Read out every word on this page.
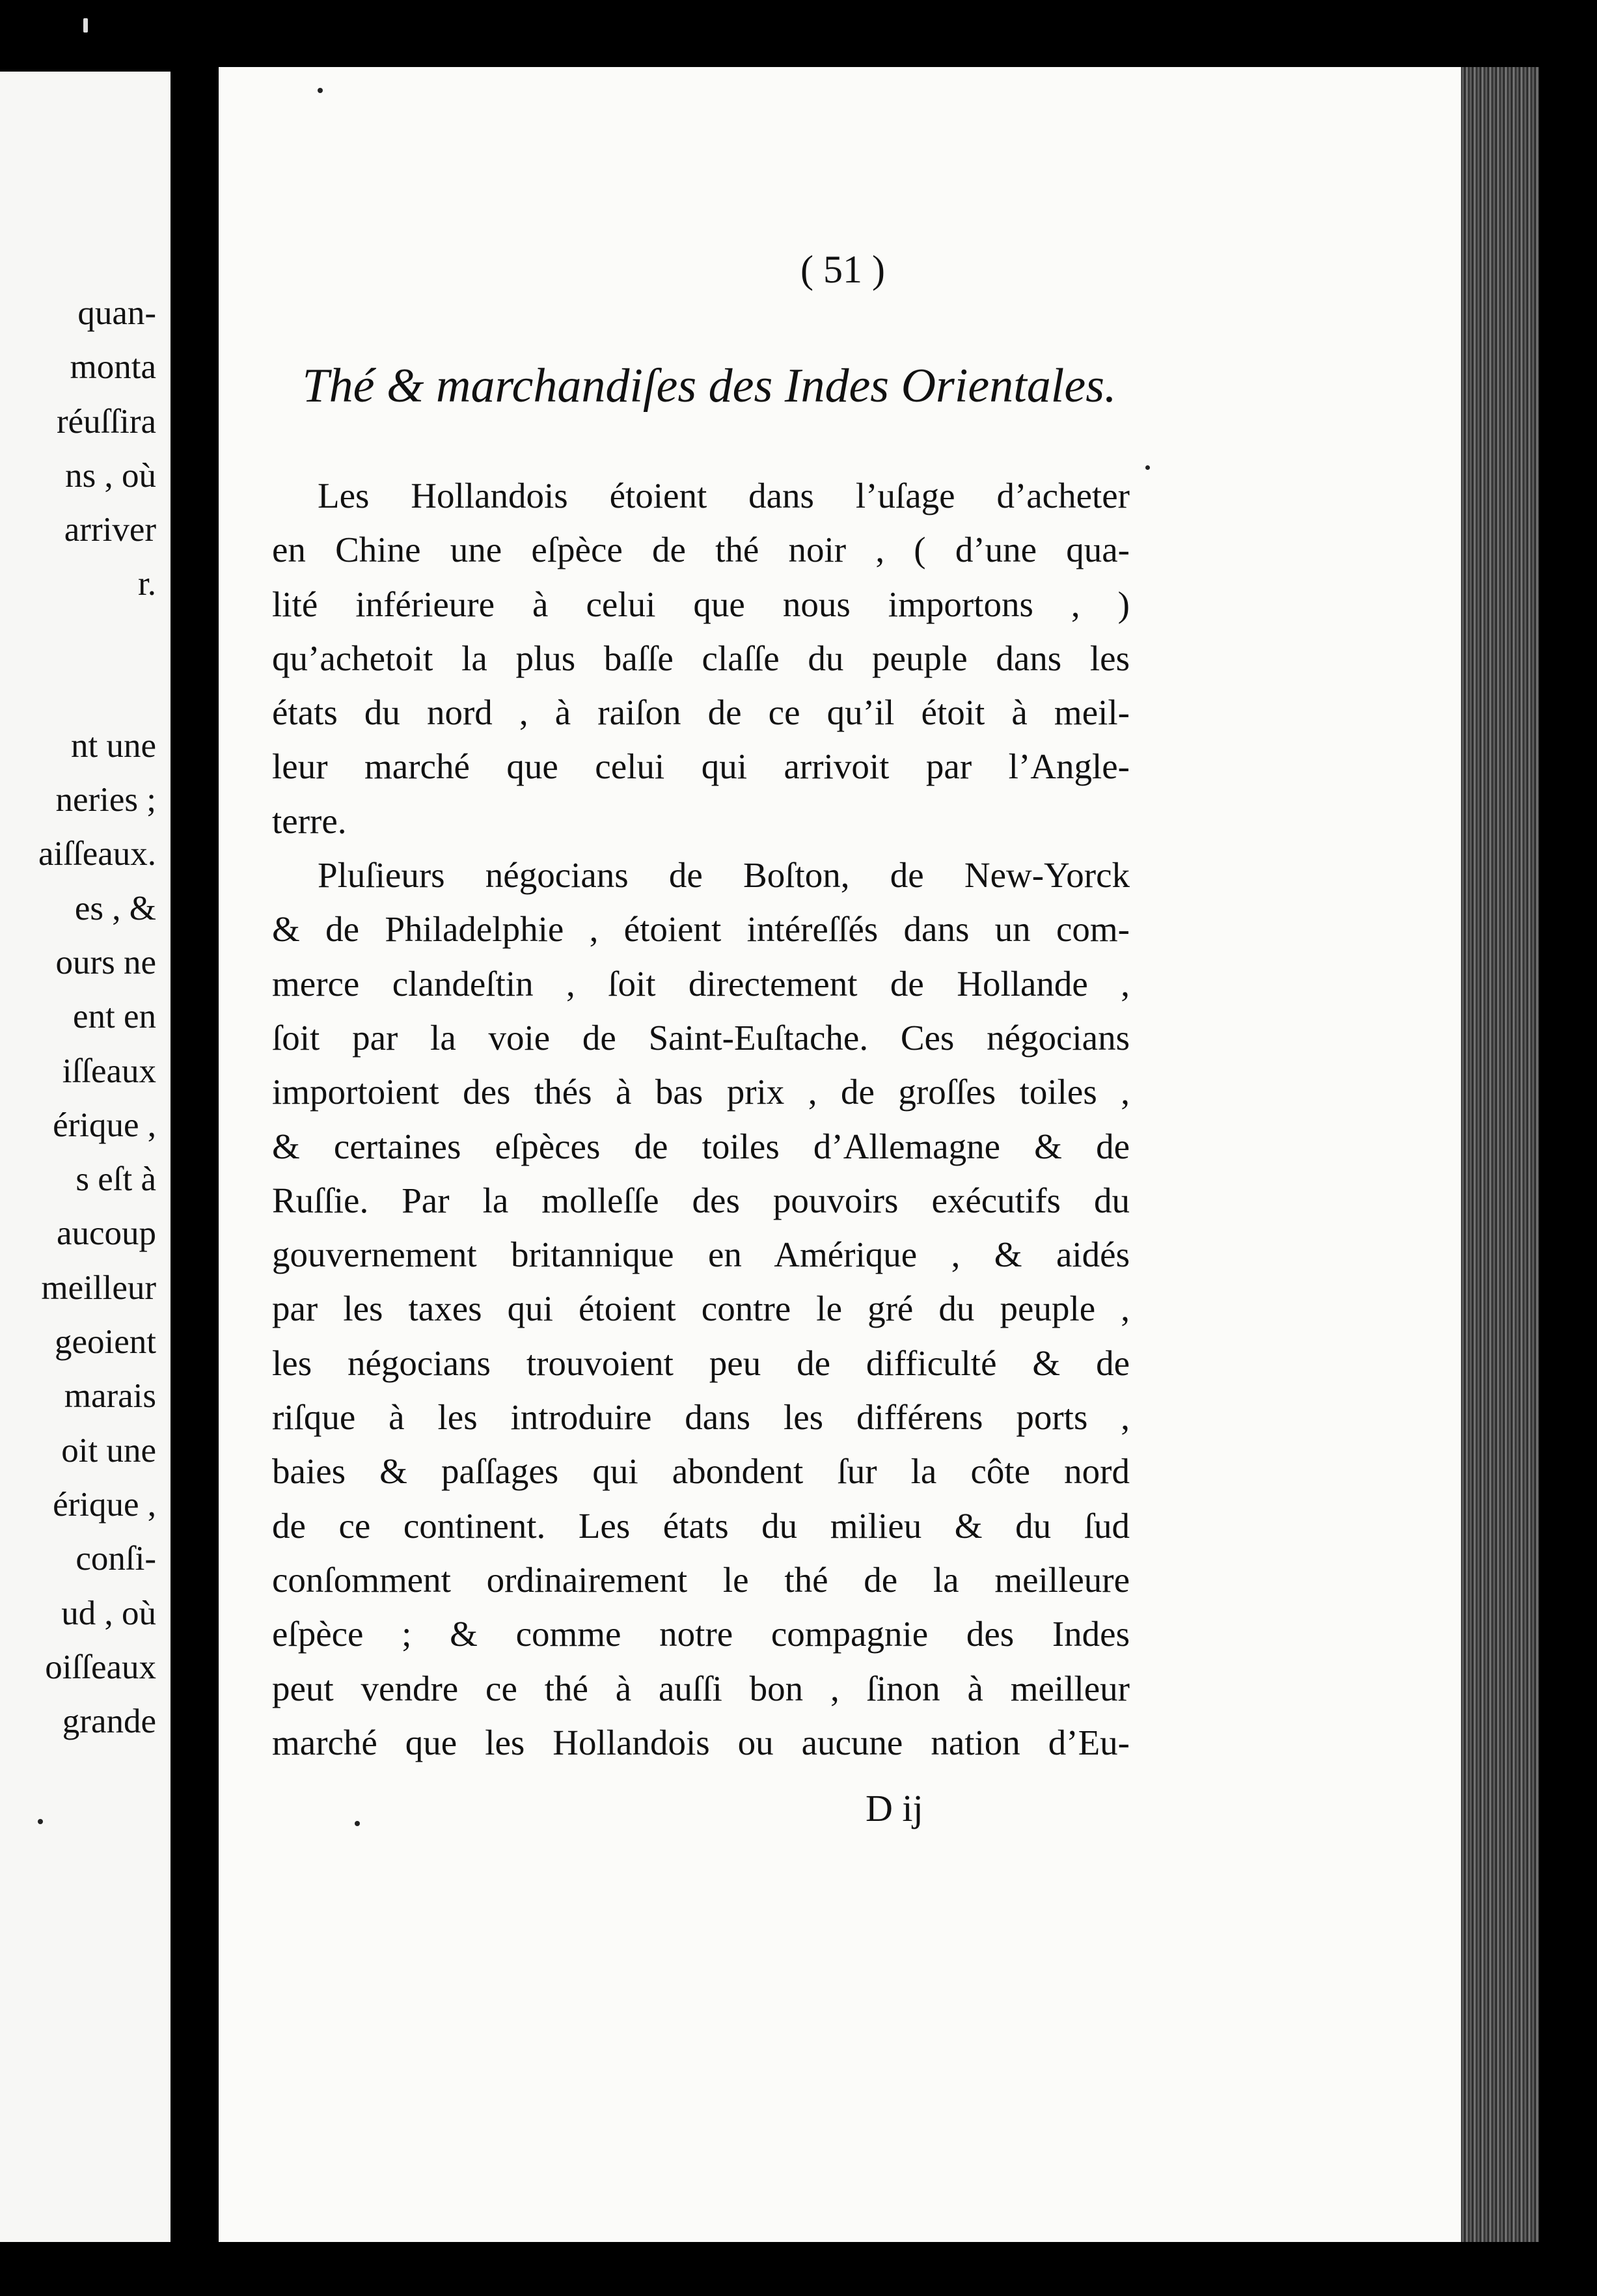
quan-
monta
réuſſira
ns , où
arriver
r.
nt une
neries ;
aiſſeaux.
es , &
ours ne
ent en
iſſeaux
érique ,
s eſt à
aucoup
meilleur
geoient
marais
oit une
érique ,
conſi-
ud , où
oiſſeaux
grande
( 51 )
Thé & marchandiſes des Indes Orientales.
Les Hollandois étoient dans l’uſage d’acheter
en Chine une eſpèce de thé noir , ( d’une qua-
lité inférieure à celui que nous importons , )
qu’achetoit la plus baſſe claſſe du peuple dans les
états du nord , à raiſon de ce qu’il étoit à meil-
leur marché que celui qui arrivoit par l’Angle-
terre.
Pluſieurs négocians de Boſton, de New-Yorck
& de Philadelphie , étoient intéreſſés dans un com-
merce clandeſtin , ſoit directement de Hollande ,
ſoit par la voie de Saint-Euſtache. Ces négocians
importoient des thés à bas prix , de groſſes toiles ,
& certaines eſpèces de toiles d’Allemagne & de
Ruſſie. Par la molleſſe des pouvoirs exécutifs du
gouvernement britannique en Amérique , & aidés
par les taxes qui étoient contre le gré du peuple ,
les négocians trouvoient peu de difficulté & de
riſque à les introduire dans les différens ports ,
baies & paſſages qui abondent ſur la côte nord
de ce continent. Les états du milieu & du ſud
conſomment ordinairement le thé de la meilleure
eſpèce ; & comme notre compagnie des Indes
peut vendre ce thé à auſſi bon , ſinon à meilleur
marché que les Hollandois ou aucune nation d’Eu-
D ij
